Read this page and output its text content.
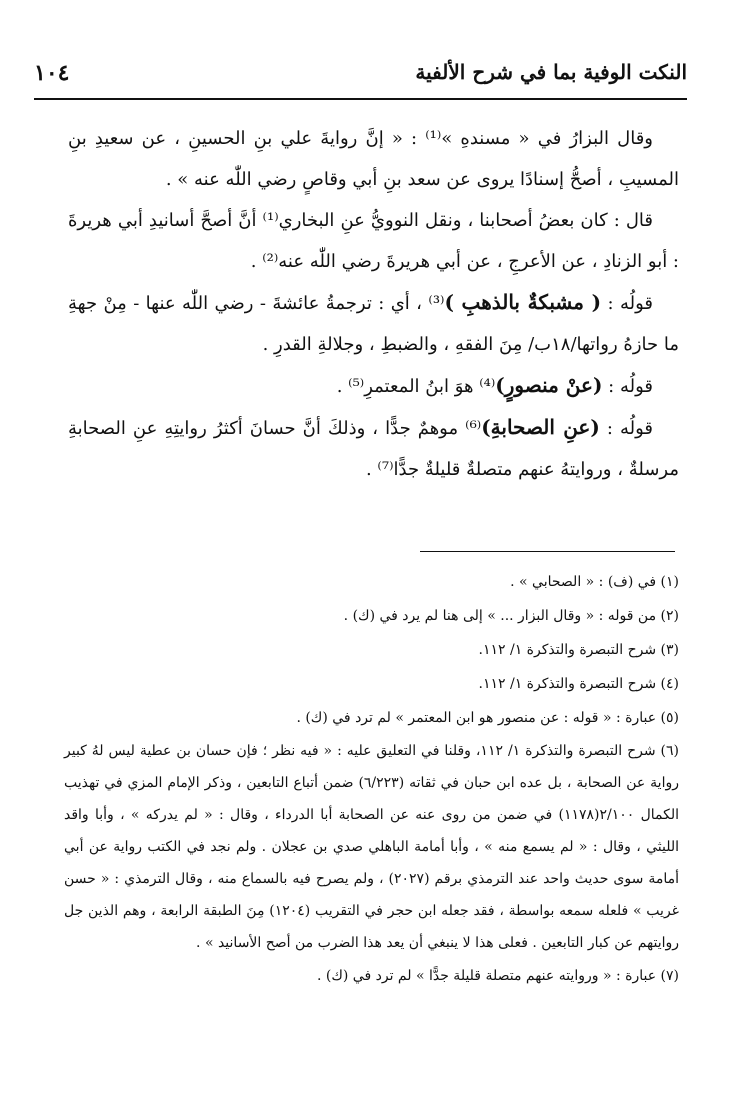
النكت الوفية بما في شرح الألفية
١٠٤

وقال البزارُ في « مسندهِ »⁽¹⁾ : « إنَّ روايةَ علي بنِ الحسينِ ، عن سعيدِ بنِ المسيبِ ، أصحُّ إسنادًا يروى عن سعد بنِ أبي وقاصٍ رضي اللّٰه عنه » .

قال : كان بعضُ أصحابنا ، ونقل النوويُّ عنِ البخاري⁽¹⁾ أنَّ أصحَّ أسانيدِ أبي هريرةَ : أبو الزنادِ ، عن الأعرجِ ، عن أبي هريرةَ رضي اللّٰه عنه⁽²⁾ .

قولُه : ( مشبكةٌ بالذهبِ )⁽³⁾ ، أي : ترجمةُ عائشةَ - رضي اللّٰه عنها - مِنْ جهةِ ما حازهُ رواتها/١٨ب/ مِنَ الفقهِ ، والضبطِ ، وجلالةِ القدرِ .

قولُه : (عنْ منصورٍ)⁽⁴⁾ هوَ ابنُ المعتمرِ⁽⁵⁾ .

قولُه : (عنِ الصحابةِ)⁽⁶⁾ موهمٌ جدًّا ، وذلكَ أنَّ حسانَ أكثرُ روايتِهِ عنِ الصحابةِ مرسلةٌ ، وروايتهُ عنهم متصلةٌ قليلةٌ جدًّا⁽⁷⁾ .

(١) في (ف) : « الصحابي » .

(٢) من قوله : « وقال البزار ... » إلى هنا لم يرد في (ك) .

(٣) شرح التبصرة والتذكرة ١/ ١١٢.

(٤) شرح التبصرة والتذكرة ١/ ١١٢.

(٥) عبارة : « قوله : عن منصور هو ابن المعتمر » لم ترد في (ك) .

(٦) شرح التبصرة والتذكرة ١/ ١١٢، وقلنا في التعليق عليه : « فيه نظر ؛ فإن حسان بن عطية ليس لهُ كبير رواية عن الصحابة ، بل عده ابن حبان في ثقاته (٦/٢٢٣) ضمن أتباع التابعين ، وذكر الإمام المزي في تهذيب الكمال ٢/١٠٠(١١٧٨) في ضمن من روى عنه عن الصحابة أبا الدرداء ، وقال : « لم يدركه » ، وأبا واقد الليثي ، وقال : « لم يسمع منه » ، وأبا أمامة الباهلي صدي بن عجلان . ولم نجد في الكتب رواية عن أبي أمامة سوى حديث واحد عند الترمذي برقم (٢٠٢٧) ، ولم يصرح فيه بالسماع منه ، وقال الترمذي : « حسن غريب » فلعله سمعه بواسطة ، فقد جعله ابن حجر في التقريب (١٢٠٤) مِنَ الطبقة الرابعة ، وهم الذين جل روايتهم عن كبار التابعين . فعلى هذا لا ينبغي أن يعد هذا الضرب من أصح الأسانيد » .

(٧) عبارة : « وروايته عنهم متصلة قليلة جدًّا » لم ترد في (ك) .
